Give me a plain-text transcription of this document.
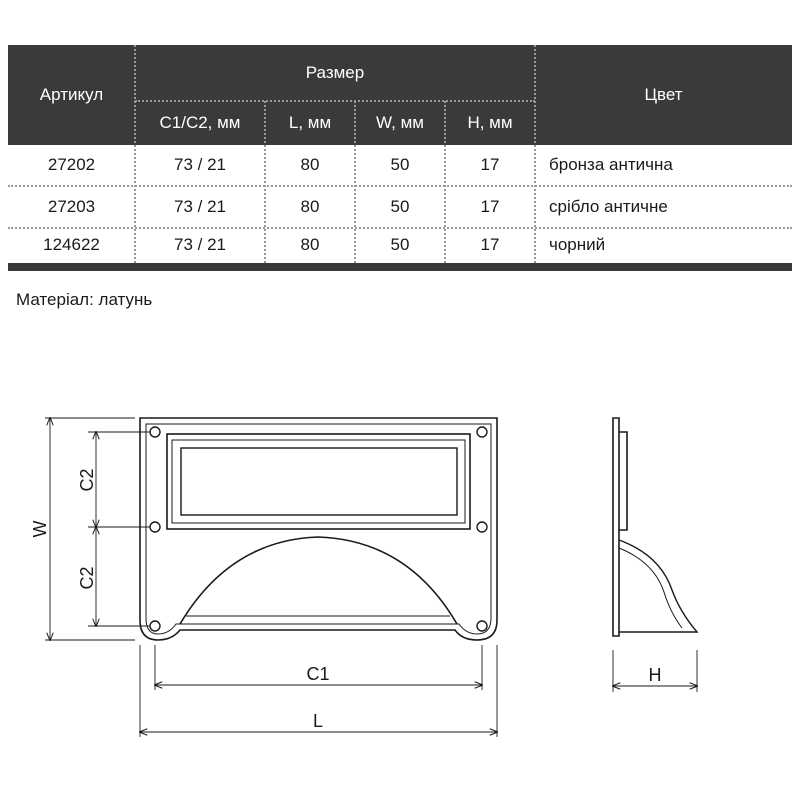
Артикул
Размер
Цвет
C1/C2, мм	L, мм	W, мм	H, мм
27202	73 / 21	80	50	17	бронза антична
27203	73 / 21	80	50	17	срібло античне
124622	73 / 21	80	50	17	чорний
Матеріал: латунь
C2
C2
W
C1
L
H
